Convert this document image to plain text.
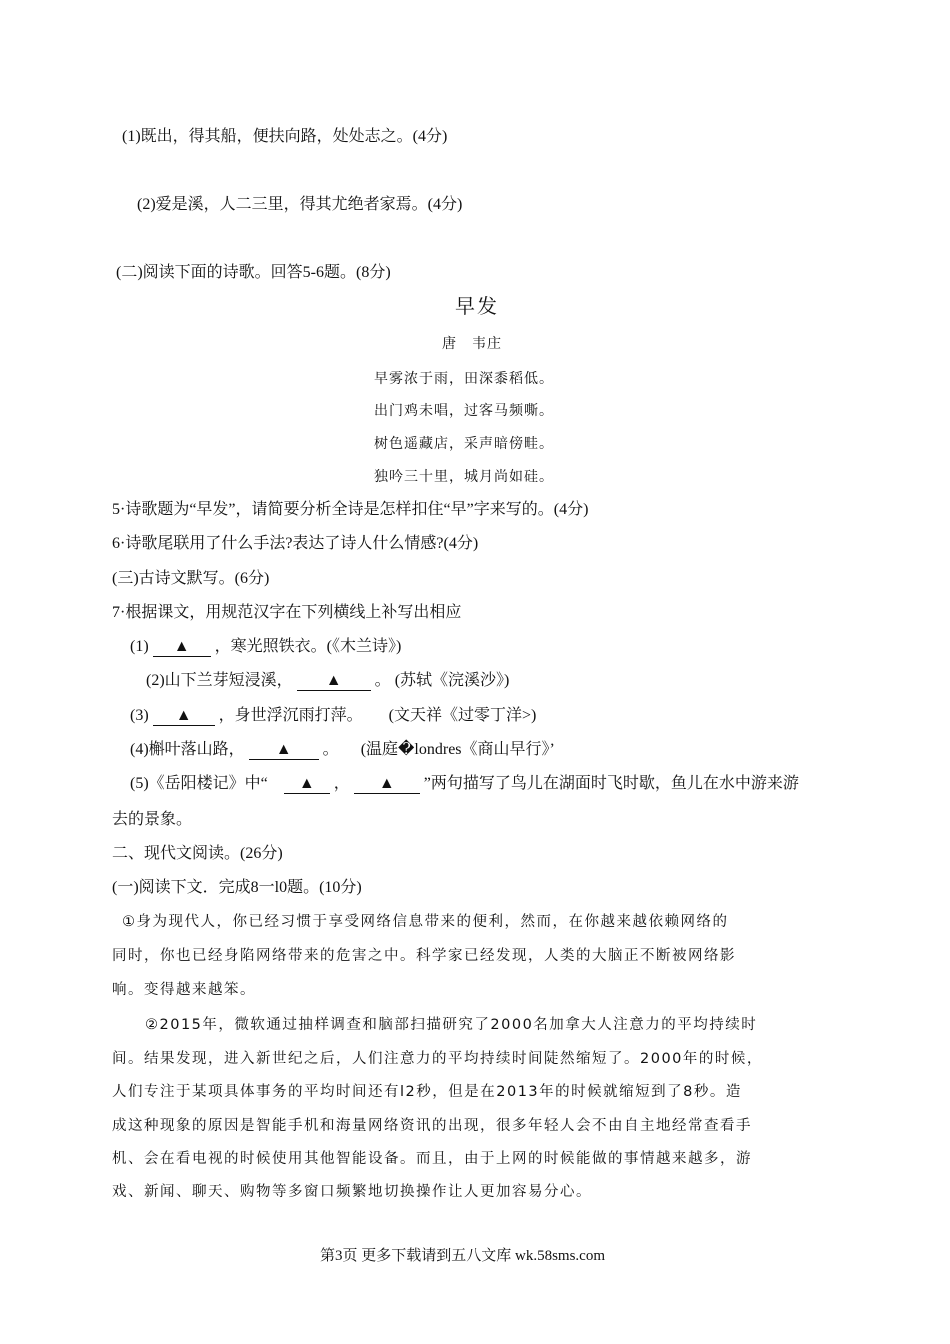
(1)既出，得其船，便扶向路，处处志之。(4分)
(2)爱是溪，人二三里，得其尤绝者家焉。(4分)
(二)阅读下面的诗歌。回答5-6题。(8分)
早发
唐　韦庄
早雾浓于雨，田深黍稻低。
出门鸡未唱，过客马频嘶。
树色遥藏店，采声暗傍畦。
独吟三十里，城月尚如硅。
5·诗歌题为“早发”，请简要分析全诗是怎样扣住“早”字来写的。(4分)
6·诗歌尾联用了什么手法?表达了诗人什么情感?(4分)
(三)古诗文默写。(6分)
7·根据课文，用规范汉字在下列横线上补写出相应
(1) ▲ ，寒光照铁衣。(《木兰诗》)
(2)山下兰芽短浸溪， ▲ 。 (苏轼《浣溪沙》)
(3) ▲ ，身世浮沉雨打萍。 (文天祥《过零丁洋>)
(4)槲叶落山路， ▲ 。 (温庭�londres《商山早行》’
(5)《岳阳楼记》中“ ▲ ， ▲ ”两句描写了鸟儿在湖面时飞时歇，鱼儿在水中游来游
去的景象。
二、现代文阅读。(26分)
(一)阅读下文．完成8一l0题。(10分)
①身为现代人，你已经习惯于享受网络信息带来的便利，然而，在你越来越依赖网络的
同时，你也已经身陷网络带来的危害之中。科学家已经发现，人类的大脑正不断被网络影
响。变得越来越笨。
②2015年，微软通过抽样调查和脑部扫描研究了2000名加拿大人注意力的平均持续时
间。结果发现，进入新世纪之后，人们注意力的平均持续时间陡然缩短了。2000年的时候，
人们专注于某项具体事务的平均时间还有l2秒，但是在2013年的时候就缩短到了8秒。造
成这种现象的原因是智能手机和海量网络资讯的出现，很多年轻人会不由自主地经常查看手
机、会在看电视的时候使用其他智能设备。而且，由于上网的时候能做的事情越来越多，游
戏、新闻、聊天、购物等多窗口频繁地切换操作让人更加容易分心。
第3页 更多下载请到五八文库 wk.58sms.com
